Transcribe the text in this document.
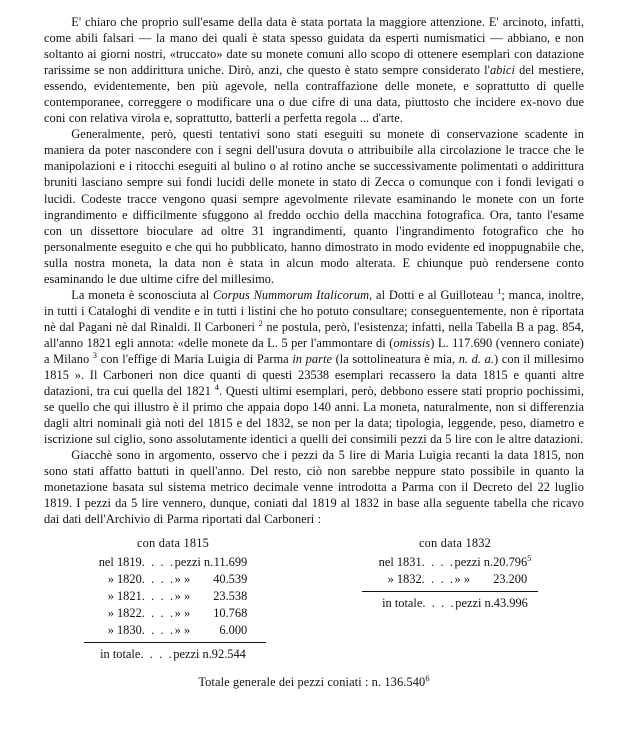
E' chiaro che proprio sull'esame della data è stata portata la maggiore attenzione. E' arcinoto, infatti, come abili falsari — la mano dei quali è stata spesso guidata da esperti numismatici — abbiano, e non soltanto ai giorni nostri, «truccato» date su monete comuni allo scopo di ottenere esemplari con datazione rarissime se non addirittura uniche. Dirò, anzi, che questo è stato sempre considerato l'abici del mestiere, essendo, evidentemente, ben più agevole, nella contraffazione delle monete, e soprattutto di quelle contemporanee, correggere o modificare una o due cifre di una data, piuttosto che incidere ex-novo due coni con relativa virola e, soprattutto, batterli a perfetta regola ... d'arte.

Generalmente, però, questi tentativi sono stati eseguiti su monete di conservazione scadente in maniera da poter nascondere con i segni dell'usura dovuta o attribuibile alla circolazione le tracce che le manipolazioni e i ritocchi eseguiti al bulino o al rotino anche se successivamente polimentati o addirittura bruniti lasciano sempre sui fondi lucidi delle monete in stato di Zecca o comunque con i fondi levigati o lucidi. Codeste tracce vengono quasi sempre agevolmente rilevate esaminando le monete con un forte ingrandimento e difficilmente sfuggono al freddo occhio della macchina fotografica. Ora, tanto l'esame con un dissettore bioculare ad oltre 31 ingrandimenti, quanto l'ingrandimento fotografico che ho personalmente eseguito e che qui ho pubblicato, hanno dimostrato in modo evidente ed inoppugnabile che, sulla nostra moneta, la data non è stata in alcun modo alterata. E chiunque può rendersene conto esaminando le due ultime cifre del millesimo.

La moneta è sconosciuta al Corpus Nummorum Italicorum, al Dotti e al Guilloteau $^1$; manca, inoltre, in tutti i Cataloghi di vendite e in tutti i listini che ho potuto consultare; conseguentemente, non è riportata nè dal Pagani nè dal Rinaldi. Il Carboneri $^2$ ne postula, però, l'esistenza; infatti, nella Tabella B a pag. 854, all'anno 1821 egli annota: «delle monete da L. 5 per l'ammontare di (omissis) L. 117.690 (vennero coniate) a Milano $^3$ con l'effige di Maria Luigia di Parma in parte (la sottolineatura è mia, n. d. a.) con il millesimo 1815 ». Il Carboneri non dice quanti di questi 23538 esemplari recassero la data 1815 e quanti altre datazioni, tra cui quella del 1821 $^4$. Questi ultimi esemplari, però, debbono essere stati proprio pochissimi, se quello che qui illustro è il primo che appaia dopo 140 anni. La moneta, naturalmente, non si differenzia dagli altri nominali già noti del 1815 e del 1832, se non per la data; tipologia, leggende, peso, diametro e iscrizione sul ciglio, sono assolutamente identici a quelli dei consimili pezzi da 5 lire con le altre datazioni.

Giacchè sono in argomento, osservo che i pezzi da 5 lire di Maria Luigia recanti la data 1815, non sono stati affatto battuti in quell'anno. Del resto, ciò non sarebbe neppure stato possibile in quanto la monetazione basata sul sistema metrico decimale venne introdotta a Parma con il Decreto del 22 luglio 1819. I pezzi da 5 lire vennero, dunque, coniati dal 1819 al 1832 in base alla seguente tabella che ricavo dai dati dell'Archivio di Parma riportati dal Carboneri :

con data 1815
nel 1819	. . . .	pezzi n.	11.699
» 1820	. . . .	» »	40.539
» 1821	. . . .	» »	23.538
» 1822	. . . .	» »	10.768
» 1830	. . . .	» »	6.000
in totale	. . . .	pezzi n.	92.544
con data 1832
nel 1831	. . . .	pezzi n.	20.796	$^5$
» 1832	. . . .	» »	23.200	
in totale	. . . .	pezzi n.	43.996
Totale generale dei pezzi coniati : n. 136.540$^6$
